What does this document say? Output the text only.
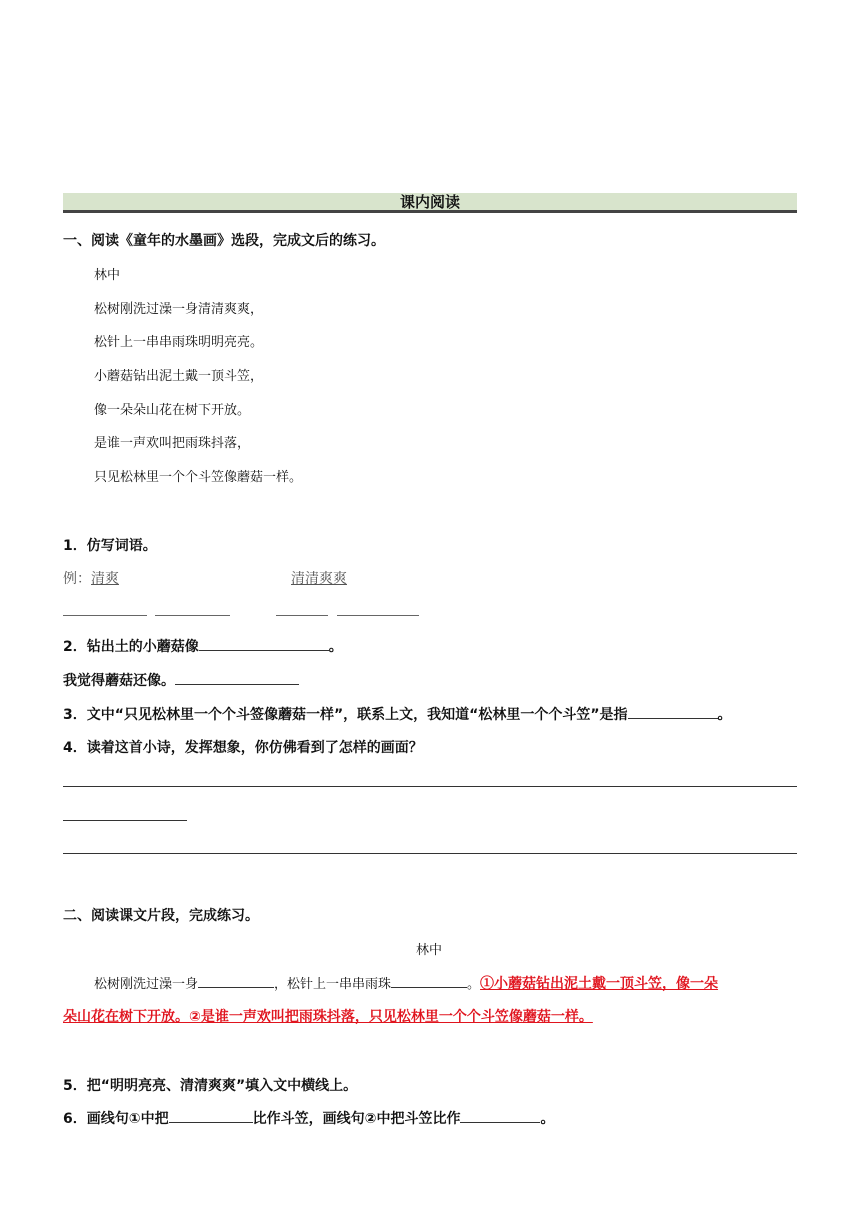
课内阅读
一、阅读《童年的水墨画》选段，完成文后的练习。
林中
松树刚洗过澡一身清清爽爽，
松针上一串串雨珠明明亮亮。
小蘑菇钻出泥土戴一顶斗笠，
像一朵朵山花在树下开放。
是谁一声欢叫把雨珠抖落，
只见松林里一个个斗笠像蘑菇一样。
1．仿写词语。
例：清爽	清清爽爽
2．钻出土的小蘑菇像	。
我觉得蘑菇还像。
3．文中“只见松林里一个个斗签像蘑菇一样”，联系上文，我知道“松林里一个个斗笠”是指	。
4．读着这首小诗，发挥想象，你仿佛看到了怎样的画面？
二、阅读课文片段，完成练习。
林中
松树刚洗过澡一身	，松针上一串串雨珠	。①小蘑菇钻出泥土戴一顶斗笠，像一朵
朵山花在树下开放。②是谁一声欢叫把雨珠抖落，只见松林里一个个斗笠像蘑菇一样。
5．把“明明亮亮、清清爽爽”填入文中横线上。
6．画线句①中把	比作斗笠，画线句②中把斗笠比作	。
